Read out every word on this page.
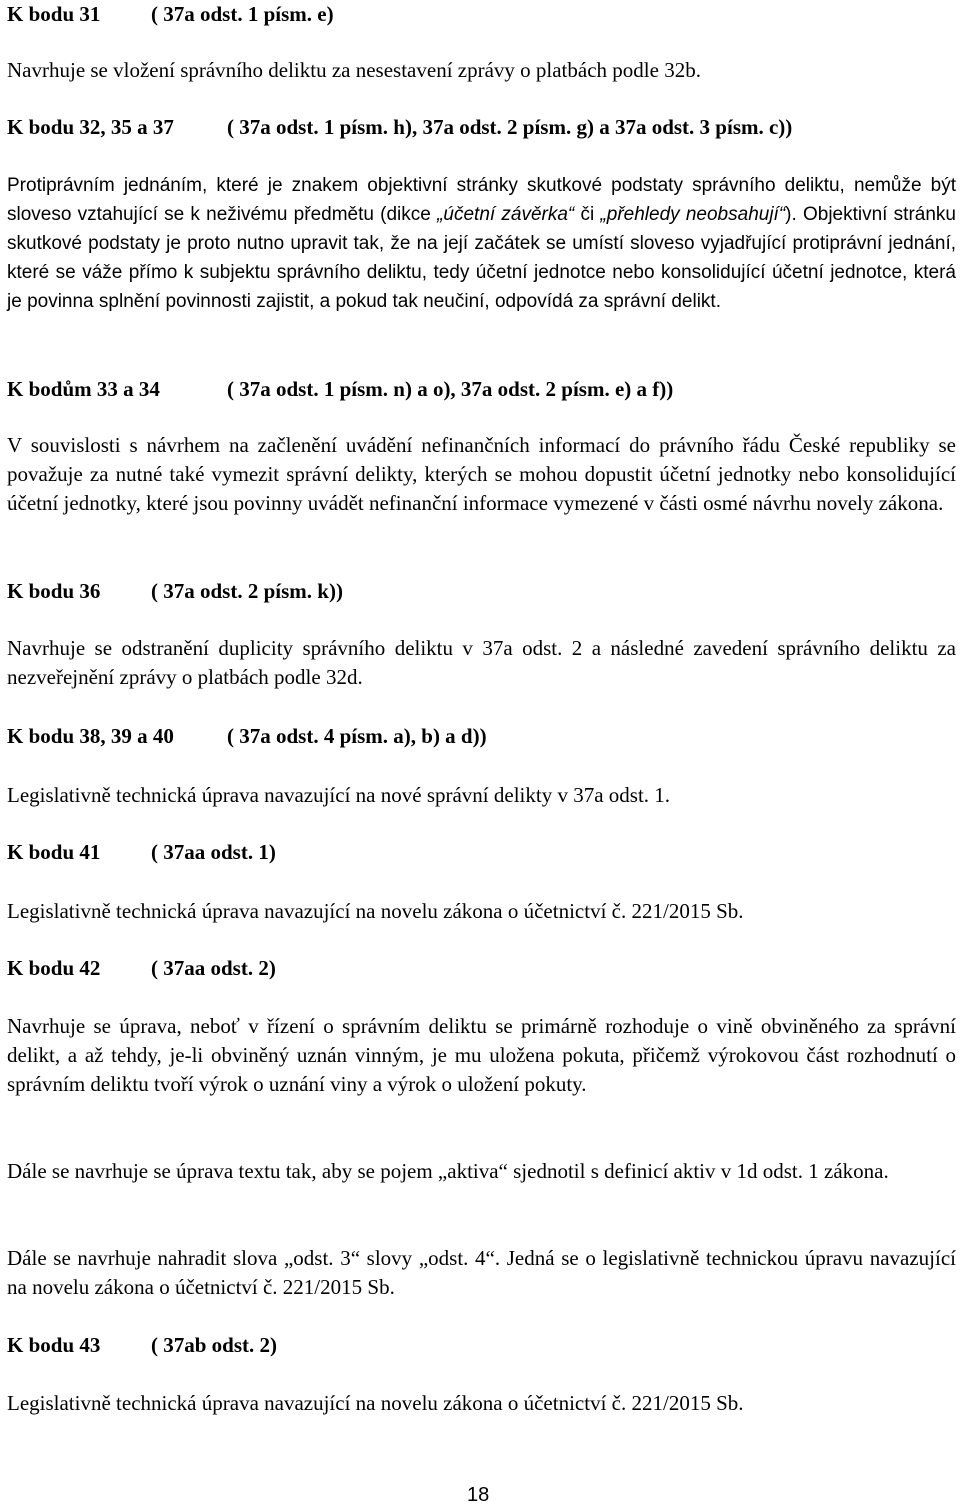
K bodu 31 ( 37a odst. 1 písm. e)
Navrhuje se vložení správního deliktu za nesestavení zprávy o platbách podle 32b.
K bodu 32, 35 a 37	( 37a odst. 1 písm. h), 37a odst. 2 písm. g) a 37a odst. 3 písm. c))
Protiprávním jednáním, které je znakem objektivní stránky skutkové podstaty správního deliktu, nemůže být sloveso vztahující se k neživému předmětu (dikce „účetní závěrka“ či „přehledy neobsahují“). Objektivní stránku skutkové podstaty je proto nutno upravit tak, že na její začátek se umístí sloveso vyjadřující protiprávní jednání, které se váže přímo k subjektu správního deliktu, tedy účetní jednotce nebo konsolidující účetní jednotce, která je povinna splnění povinnosti zajistit, a pokud tak neučiní, odpovídá za správní delikt.
K bodům 33 a 34	( 37a odst. 1 písm. n) a o), 37a odst. 2 písm. e) a f))
V souvislosti s návrhem na začlenění uvádění nefinančních informací do právního řádu České republiky se považuje za nutné také vymezit správní delikty, kterých se mohou dopustit účetní jednotky nebo konsolidující účetní jednotky, které jsou povinny uvádět nefinanční informace vymezené v části osmé návrhu novely zákona.
K bodu 36 ( 37a odst. 2 písm. k))
Navrhuje se odstranění duplicity správního deliktu v 37a odst. 2 a následné zavedení správního deliktu za nezveřejnění zprávy o platbách podle 32d.
K bodu 38, 39 a 40	( 37a odst. 4 písm. a), b) a d))
Legislativně technická úprava navazující na nové správní delikty v 37a odst. 1.
K bodu 41 ( 37aa odst. 1)
Legislativně technická úprava navazující na novelu zákona o účetnictví č. 221/2015 Sb.
K bodu 42 ( 37aa odst. 2)
Navrhuje se úprava, neboť v řízení o správním deliktu se primárně rozhoduje o vině obviněného za správní delikt, a až tehdy, je-li obviněný uznán vinným, je mu uložena pokuta, přičemž výrokovou část rozhodnutí o správním deliktu tvoří výrok o uznání viny a výrok o uložení pokuty.
Dále se navrhuje se úprava textu tak, aby se pojem „aktiva“ sjednotil s definicí aktiv v 1d odst. 1 zákona.
Dále se navrhuje nahradit slova „odst. 3“ slovy „odst. 4“. Jedná se o legislativně technickou úpravu navazující na novelu zákona o účetnictví č. 221/2015 Sb.
K bodu 43 ( 37ab odst. 2)
Legislativně technická úprava navazující na novelu zákona o účetnictví č. 221/2015 Sb.
18
